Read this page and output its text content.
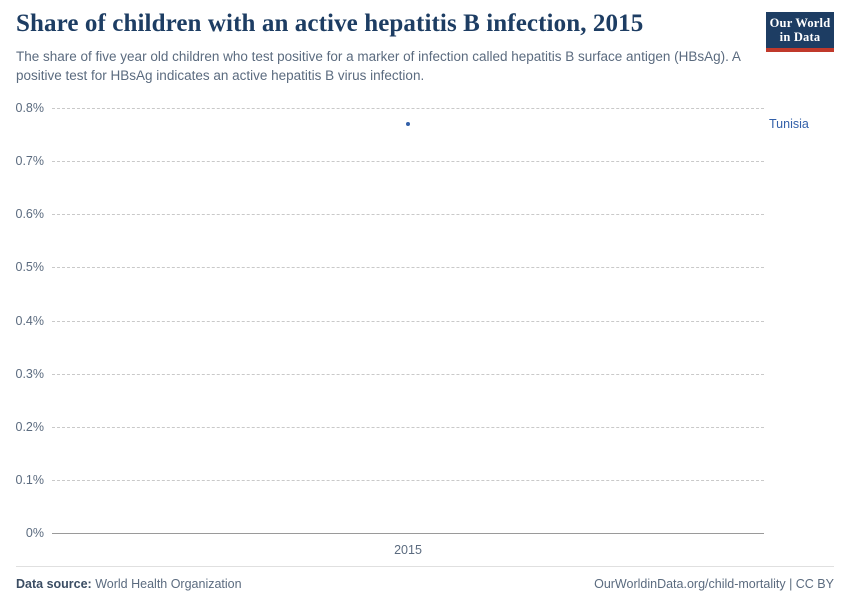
Share of children with an active hepatitis B infection, 2015

The share of five year old children who test positive for a marker of infection called hepatitis B surface antigen (HBsAg). A positive test for HBsAg indicates an active hepatitis B virus infection.

Our World
in Data
0%
0.1%
0.2%
0.3%
0.4%
0.5%
0.6%
0.7%
0.8%
2015
Tunisia
Data source: World Health Organization	OurWorldinData.org/child-mortality | CC BY
